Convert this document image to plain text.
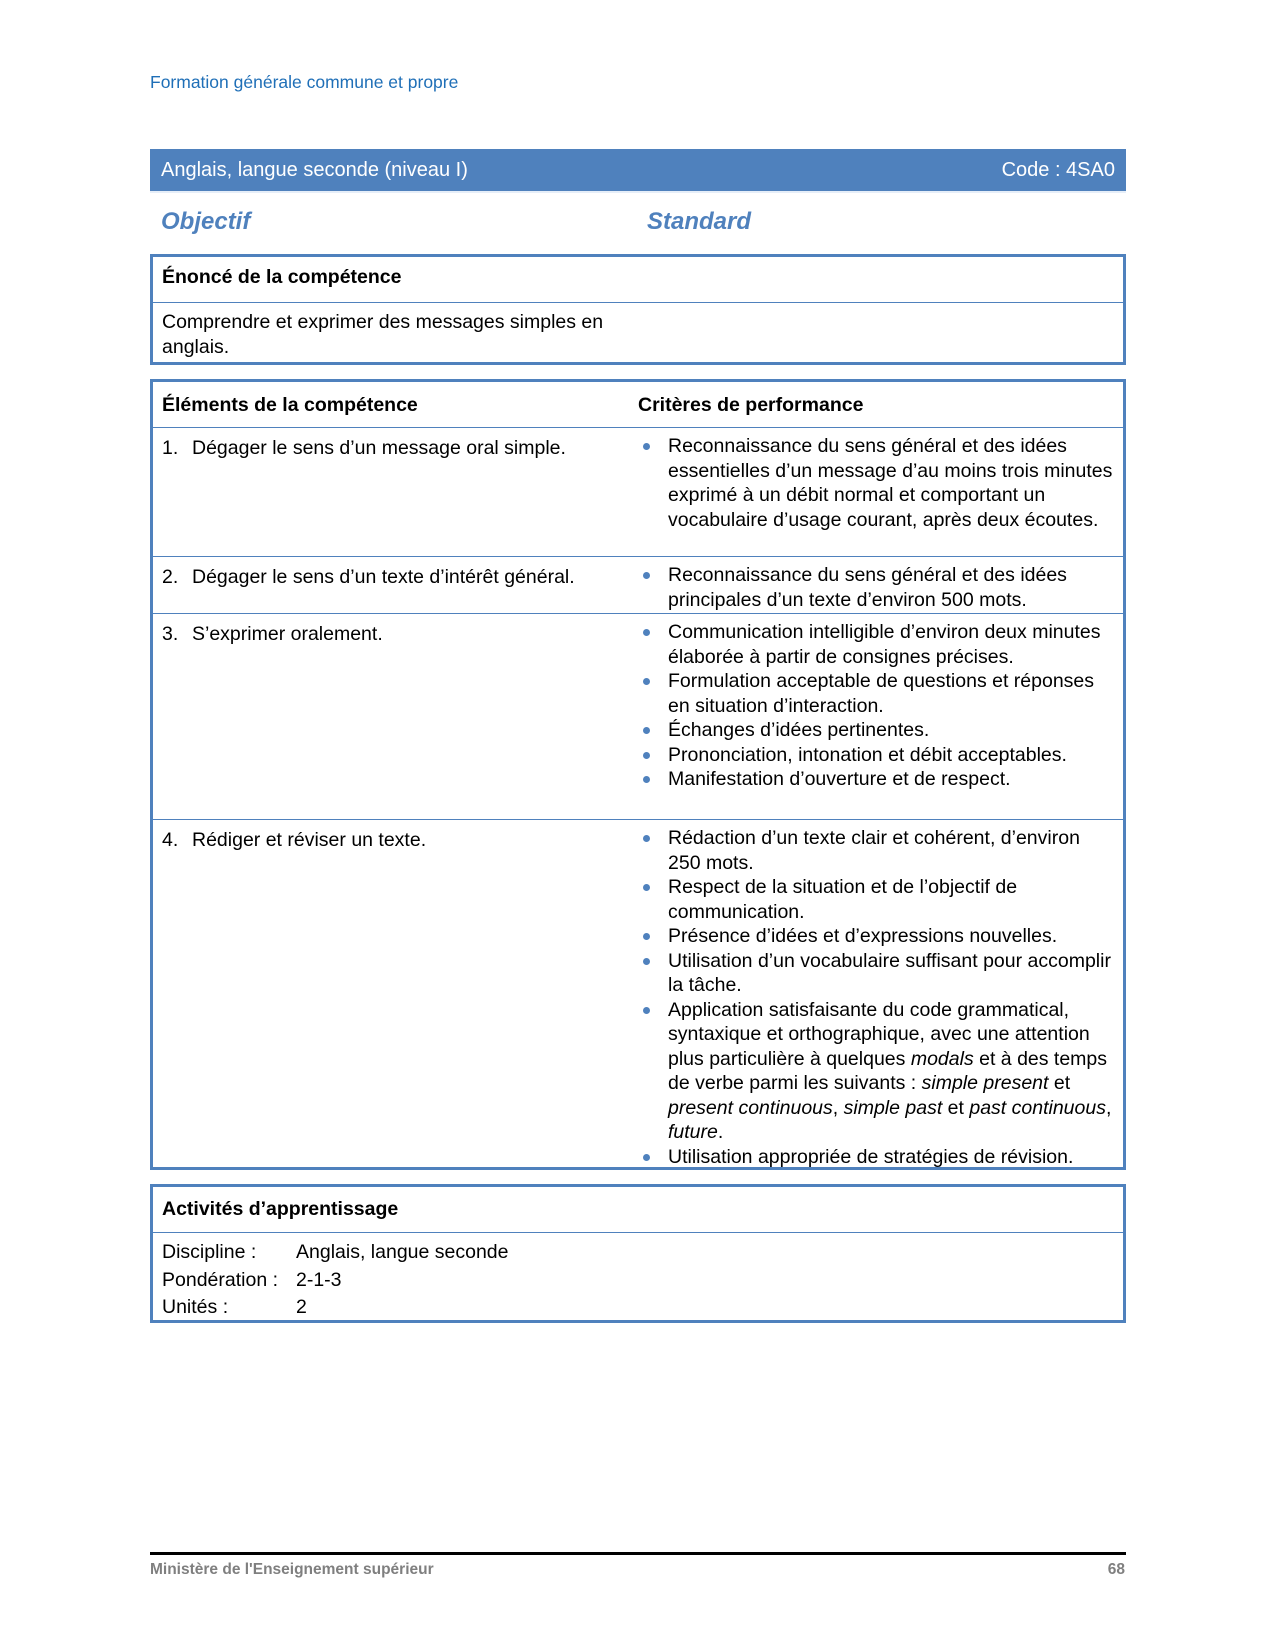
Formation générale commune et propre
Anglais, langue seconde (niveau I)	Code : 4SA0
Objectif	Standard
Énoncé de la compétence
Comprendre et exprimer des messages simples en anglais.
Éléments de la compétence	Critères de performance
1. Dégager le sens d’un message oral simple.	Reconnaissance du sens général et des idées essentielles d’un message d’au moins trois minutes exprimé à un débit normal et comportant un vocabulaire d’usage courant, après deux écoutes.
2. Dégager le sens d’un texte d’intérêt général.	Reconnaissance du sens général et des idées principales d’un texte d’environ 500 mots.
3. S’exprimer oralement.	Communication intelligible d’environ deux minutes élaborée à partir de consignes précises.
Formulation acceptable de questions et réponses en situation d’interaction.
Échanges d’idées pertinentes.
Prononciation, intonation et débit acceptables.
Manifestation d’ouverture et de respect.
4. Rédiger et réviser un texte.	Rédaction d’un texte clair et cohérent, d’environ 250 mots.
Respect de la situation et de l’objectif de communication.
Présence d’idées et d’expressions nouvelles.
Utilisation d’un vocabulaire suffisant pour accomplir la tâche.
Application satisfaisante du code grammatical, syntaxique et orthographique, avec une attention plus particulière à quelques modals et à des temps de verbe parmi les suivants : simple present et present continuous, simple past et past continuous, future.
Utilisation appropriée de stratégies de révision.
Activités d’apprentissage
Discipline :	Anglais, langue seconde
Pondération : 2-1-3
Unités :	2
Ministère de l'Enseignement supérieur	68
